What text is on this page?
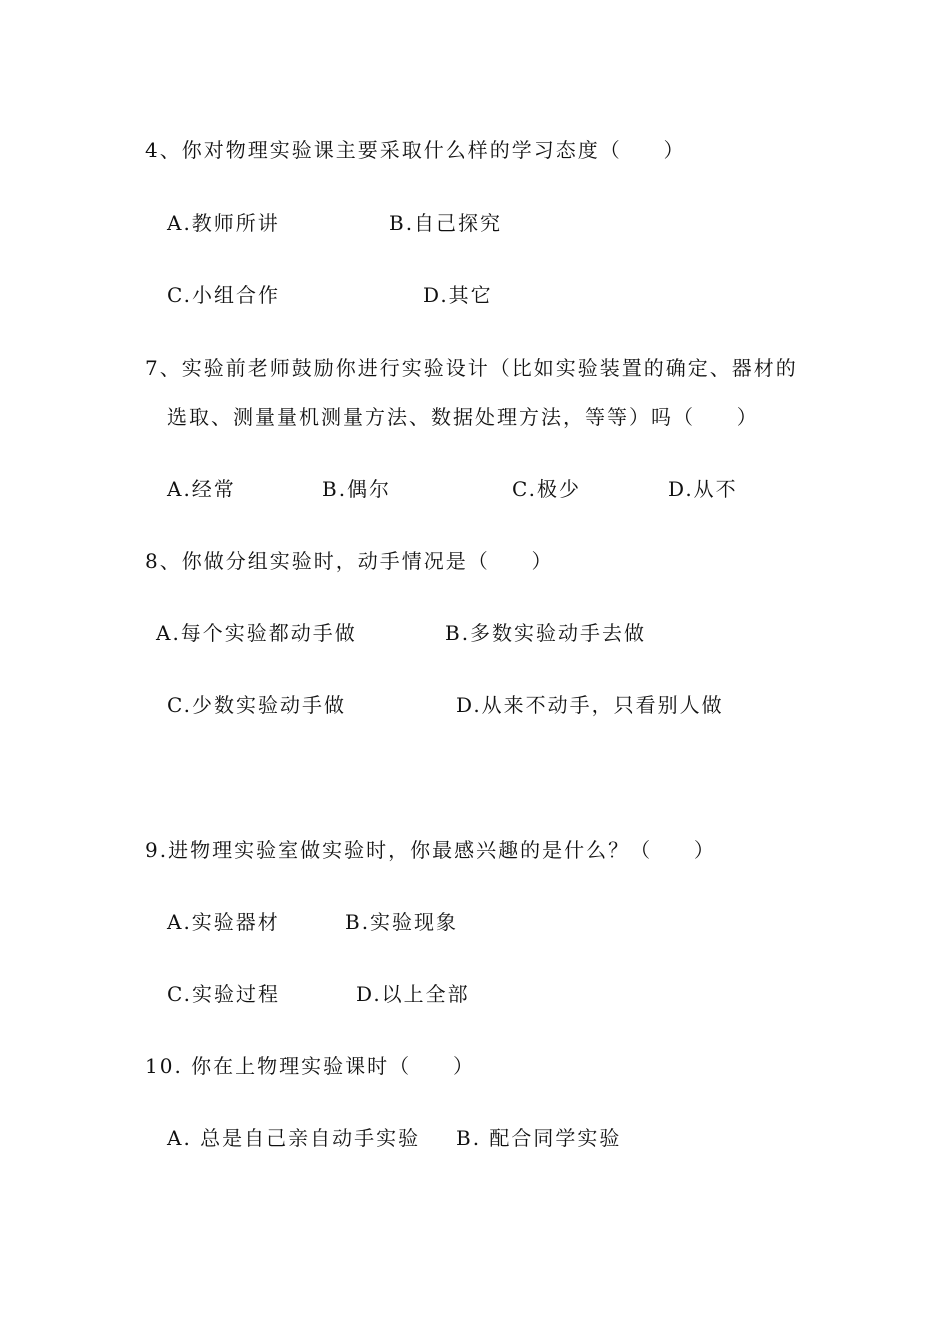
4、你对物理实验课主要采取什么样的学习态度（     ）
A.教师所讲	B.自己探究
C.小组合作	D.其它
7、实验前老师鼓励你进行实验设计（比如实验装置的确定、器材的
选取、测量量机测量方法、数据处理方法，等等）吗（     ）
A.经常	B.偶尔	C.极少	D.从不
8、你做分组实验时，动手情况是（     ）
A.每个实验都动手做	B.多数实验动手去做
C.少数实验动手做	D.从来不动手，只看别人做
9.进物理实验室做实验时，你最感兴趣的是什么？（     ）
A.实验器材	B.实验现象
C.实验过程	D.以上全部
10. 你在上物理实验课时（     ）
A. 总是自己亲自动手实验 B. 配合同学实验
